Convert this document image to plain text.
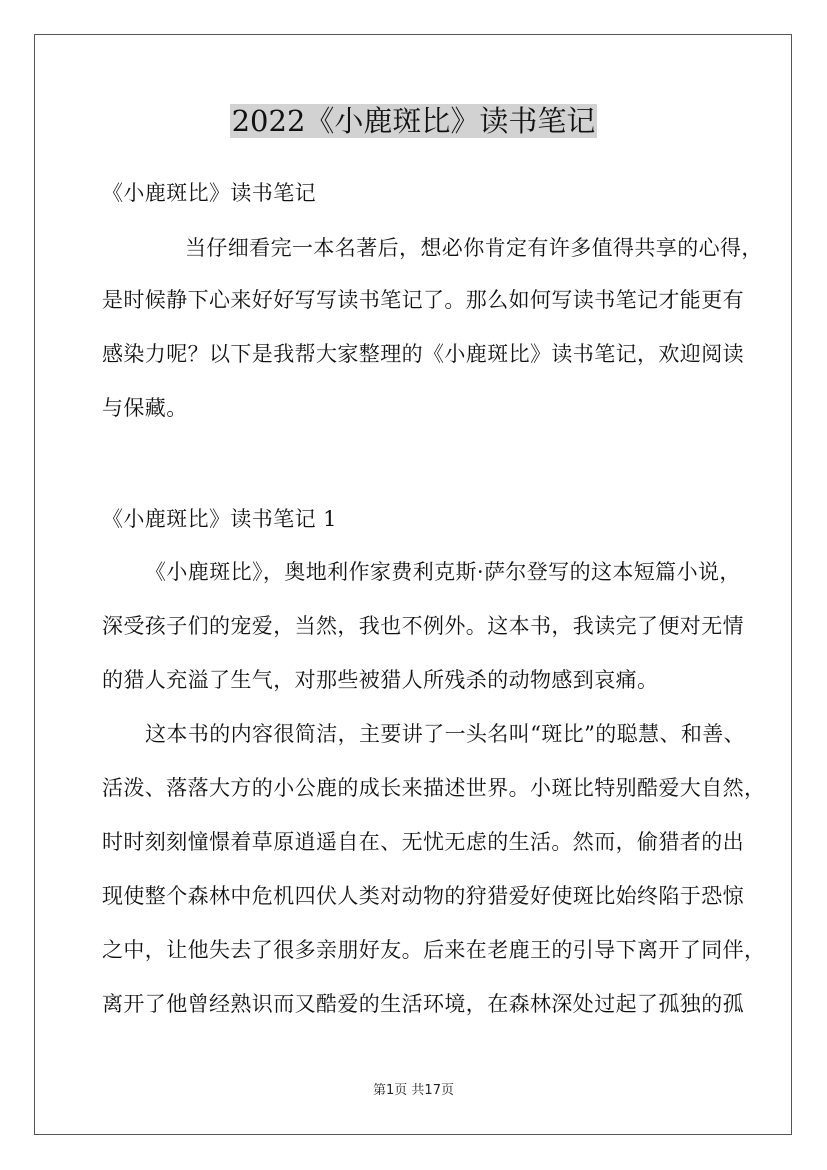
2022《小鹿斑比》读书笔记
《小鹿斑比》读书笔记
当仔细看完一本名著后，想必你肯定有许多值得共享的心得，
是时候静下心来好好写写读书笔记了。那么如何写读书笔记才能更有
感染力呢？以下是我帮大家整理的《小鹿斑比》读书笔记，欢迎阅读
与保藏。
《小鹿斑比》读书笔记 1
《小鹿斑比》，奥地利作家费利克斯·萨尔登写的这本短篇小说，
深受孩子们的宠爱，当然，我也不例外。这本书，我读完了便对无情
的猎人充溢了生气，对那些被猎人所残杀的动物感到哀痛。
这本书的内容很简洁，主要讲了一头名叫“斑比”的聪慧、和善、
活泼、落落大方的小公鹿的成长来描述世界。小斑比特别酷爱大自然，
时时刻刻憧憬着草原逍遥自在、无忧无虑的生活。然而，偷猎者的出
现使整个森林中危机四伏人类对动物的狩猎爱好使斑比始终陷于恐惊
之中，让他失去了很多亲朋好友。后来在老鹿王的引导下离开了同伴，
离开了他曾经熟识而又酷爱的生活环境，在森林深处过起了孤独的孤
第1页 共17页
